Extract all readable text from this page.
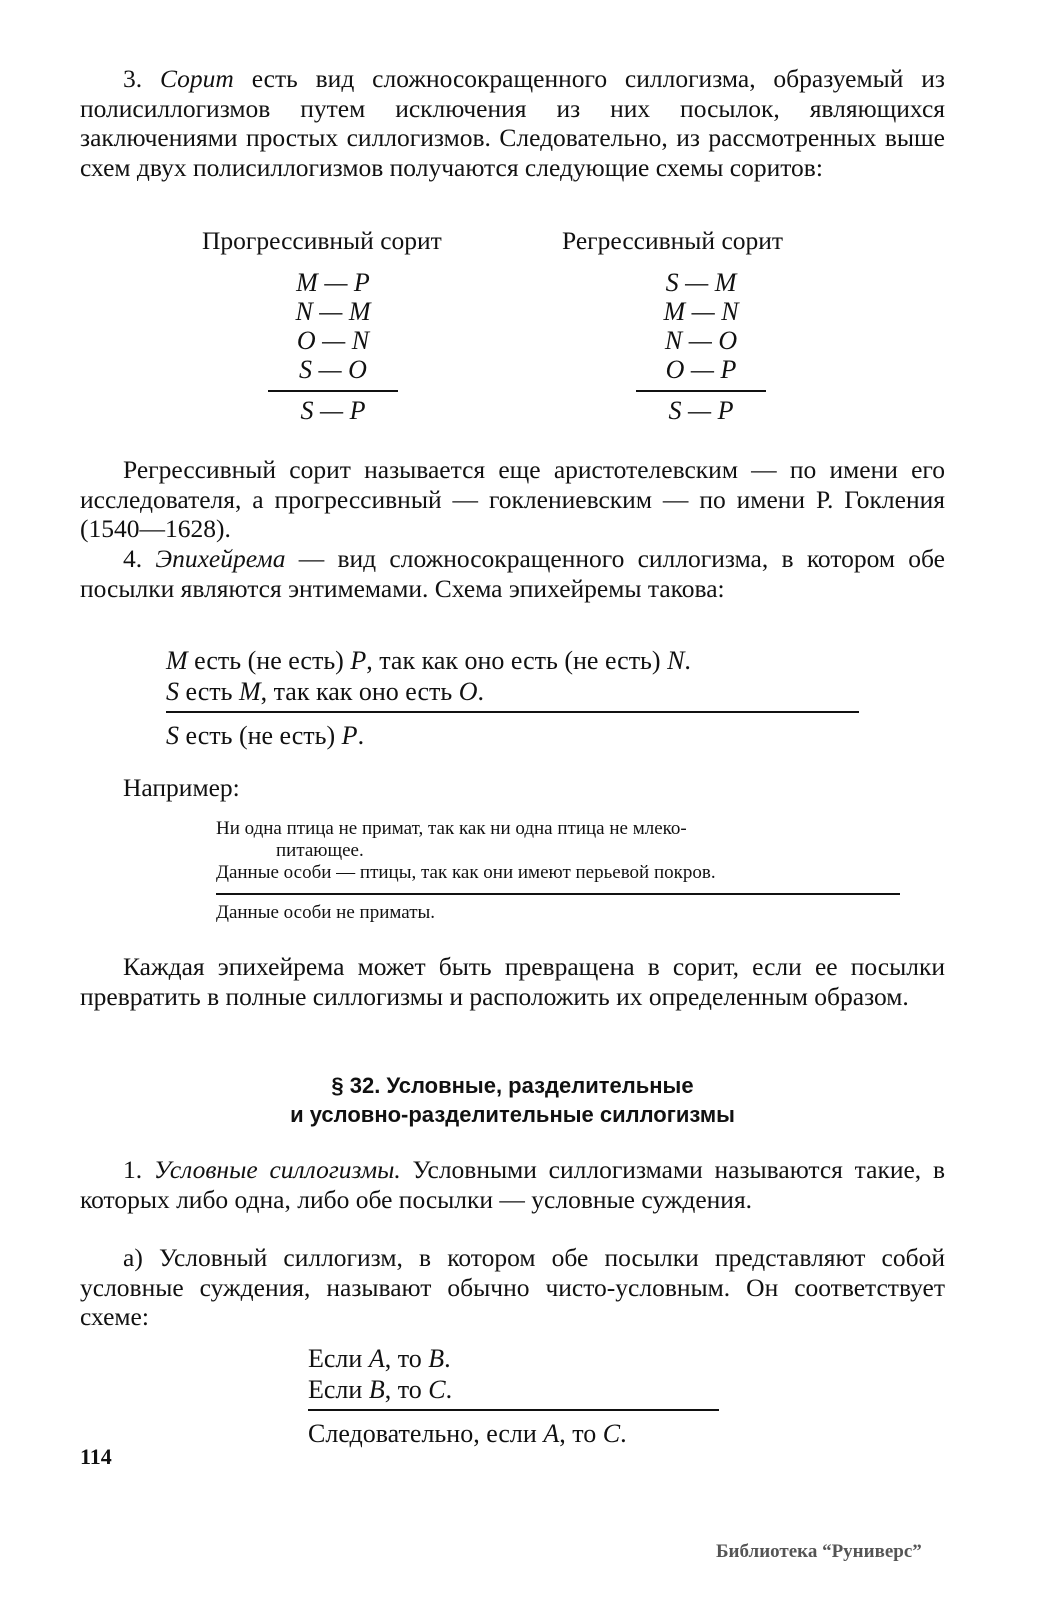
3. Сорит есть вид сложносокращенного силлогизма, образуемый из полисиллогизмов путем исключения из них посылок, являющихся заключениями простых силлогизмов. Следовательно, из рассмотренных выше схем двух полисиллогизмов получаются следующие схемы соритов:

Прогрессивный сорит	Регрессивный сорит
M — P
N — M
O — N
S — O
S — P
S — M
M — N
N — O
O — P
S — P

Регрессивный сорит называется еще аристотелевским — по имени его исследователя, а прогрессивный — гоклениевским — по имени Р. Гокления (1540—1628).

4. Эпихейрема — вид сложносокращенного силлогизма, в котором обе посылки являются энтимемами. Схема эпихейремы такова:

M есть (не есть) P, так как оно есть (не есть) N.
S есть M, так как оно есть O.
S есть (не есть) P.

Например:

Ни одна птица не примат, так как ни одна птица не млеко-
питающее.
Данные особи — птицы, так как они имеют перьевой покров.
Данные особи не приматы.

Каждая эпихейрема может быть превращена в сорит, если ее посылки превратить в полные силлогизмы и расположить их определенным образом.

§ 32. Условные, разделительные
и условно-разделительные силлогизмы

1. Условные силлогизмы. Условными силлогизмами называются такие, в которых либо одна, либо обе посылки — условные суждения.

а) Условный силлогизм, в котором обе посылки представляют собой условные суждения, называют обычно чисто-условным. Он соответствует схеме:

Если A, то B.
Если B, то C.
Следовательно, если A, то C.
114
Библиотека “Руниверс”
